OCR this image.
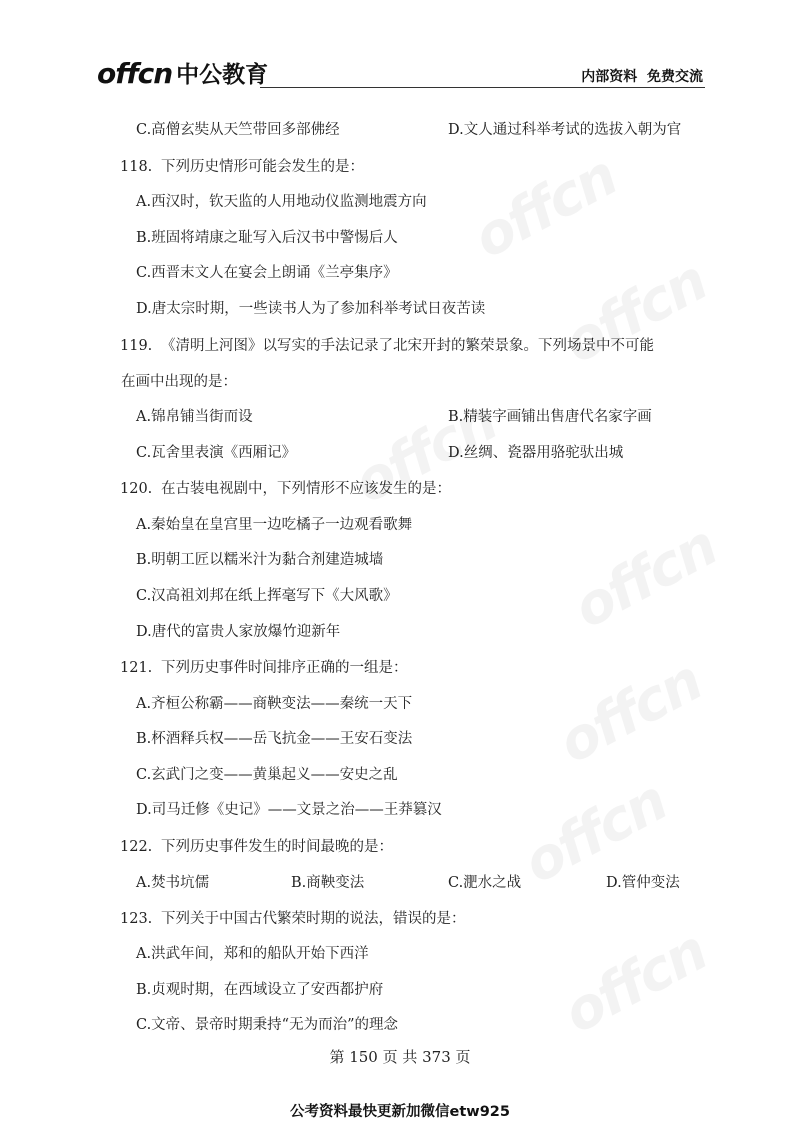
offcn 中公教育	内部资料  免费交流
C.高僧玄奘从天竺带回多部佛经	D.文人通过科举考试的选拔入朝为官
118. 下列历史情形可能会发生的是：
A.西汉时，钦天监的人用地动仪监测地震方向
B.班固将靖康之耻写入后汉书中警惕后人
C.西晋末文人在宴会上朗诵《兰亭集序》
D.唐太宗时期，一些读书人为了参加科举考试日夜苦读
119. 《清明上河图》以写实的手法记录了北宋开封的繁荣景象。下列场景中不可能
在画中出现的是：
A.锦帛铺当街而设	B.精装字画铺出售唐代名家字画
C.瓦舍里表演《西厢记》	D.丝绸、瓷器用骆驼驮出城
120. 在古装电视剧中，下列情形不应该发生的是：
A.秦始皇在皇宫里一边吃橘子一边观看歌舞
B.明朝工匠以糯米汁为黏合剂建造城墙
C.汉高祖刘邦在纸上挥毫写下《大风歌》
D.唐代的富贵人家放爆竹迎新年
121. 下列历史事件时间排序正确的一组是：
A.齐桓公称霸——商鞅变法——秦统一天下
B.杯酒释兵权——岳飞抗金——王安石变法
C.玄武门之变——黄巢起义——安史之乱
D.司马迁修《史记》——文景之治——王莽篡汉
122. 下列历史事件发生的时间最晚的是：
A.焚书坑儒	B.商鞅变法	C.淝水之战	D.管仲变法
123. 下列关于中国古代繁荣时期的说法，错误的是：
A.洪武年间，郑和的船队开始下西洋
B.贞观时期，在西域设立了安西都护府
C.文帝、景帝时期秉持“无为而治”的理念
第 150 页 共 373 页
公考资料最快更新加微信etw925
